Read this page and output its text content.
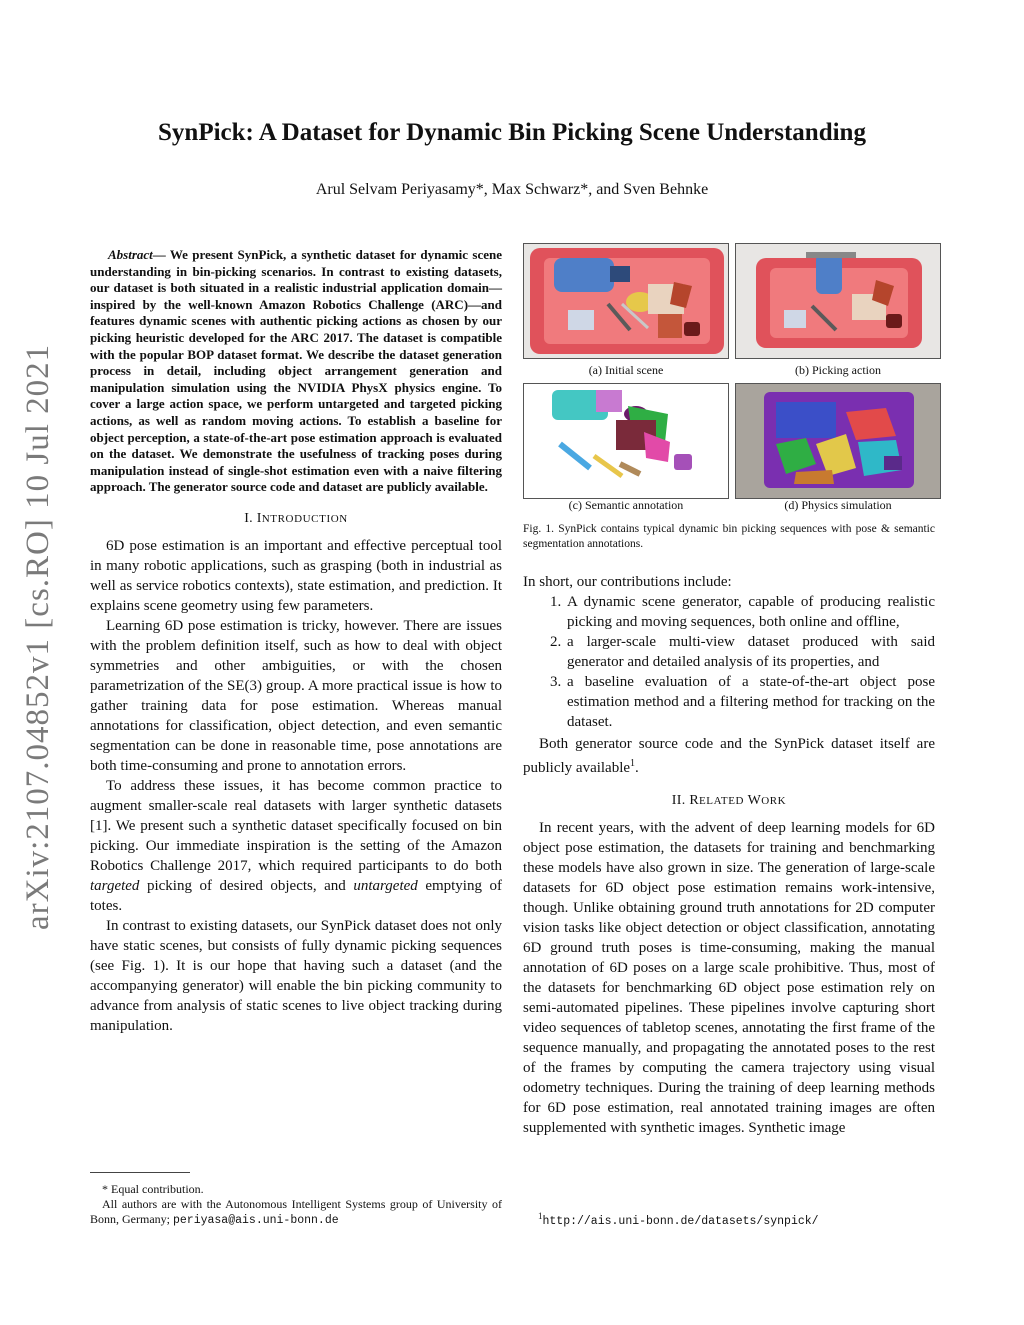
arXiv:2107.04852v1 [cs.RO] 10 Jul 2021
SynPick: A Dataset for Dynamic Bin Picking Scene Understanding
Arul Selvam Periyasamy*, Max Schwarz*, and Sven Behnke

Abstract— We present SynPick, a synthetic dataset for dynamic scene understanding in bin-picking scenarios. In contrast to existing datasets, our dataset is both situated in a realistic industrial application domain—inspired by the well-known Amazon Robotics Challenge (ARC)—and features dynamic scenes with authentic picking actions as chosen by our picking heuristic developed for the ARC 2017. The dataset is compatible with the popular BOP dataset format. We describe the dataset generation process in detail, including object arrangement generation and manipulation simulation using the NVIDIA PhysX physics engine. To cover a large action space, we perform untargeted and targeted picking actions, as well as random moving actions. To establish a baseline for object perception, a state-of-the-art pose estimation approach is evaluated on the dataset. We demonstrate the usefulness of tracking poses during manipulation instead of single-shot estimation even with a naive filtering approach. The generator source code and dataset are publicly available.

I. INTRODUCTION

6D pose estimation is an important and effective perceptual tool in many robotic applications, such as grasping (both in industrial as well as service robotics contexts), state estimation, and prediction. It explains scene geometry using few parameters.

Learning 6D pose estimation is tricky, however. There are issues with the problem definition itself, such as how to deal with object symmetries and other ambiguities, or with the chosen parametrization of the SE(3) group. A more practical issue is how to gather training data for pose estimation. Whereas manual annotations for classification, object detection, and even semantic segmentation can be done in reasonable time, pose annotations are both time-consuming and prone to annotation errors.

To address these issues, it has become common practice to augment smaller-scale real datasets with larger synthetic datasets [1]. We present such a synthetic dataset specifically focused on bin picking. Our immediate inspiration is the setting of the Amazon Robotics Challenge 2017, which required participants to do both targeted picking of desired objects, and untargeted emptying of totes.

In contrast to existing datasets, our SynPick dataset does not only have static scenes, but consists of fully dynamic picking sequences (see Fig. 1). It is our hope that having such a dataset (and the accompanying generator) will enable the bin picking community to advance from analysis of static scenes to live object tracking during manipulation.

* Equal contribution.
All authors are with the Autonomous Intelligent Systems group of University of Bonn, Germany; periyasa@ais.uni-bonn.de
(a) Initial scene	(b) Picking action
(c) Semantic annotation	(d) Physics simulation
Fig. 1. SynPick contains typical dynamic bin picking sequences with pose & semantic segmentation annotations.

In short, our contributions include:

1. A dynamic scene generator, capable of producing realistic picking and moving sequences, both online and offline,
2. a larger-scale multi-view dataset produced with said generator and detailed analysis of its properties, and
3. a baseline evaluation of a state-of-the-art object pose estimation method and a filtering method for tracking on the dataset.

Both generator source code and the SynPick dataset itself are publicly available$^1$.

II. RELATED WORK

In recent years, with the advent of deep learning models for 6D object pose estimation, the datasets for training and benchmarking these models have also grown in size. The generation of large-scale datasets for 6D object pose estimation remains work-intensive, though. Unlike obtaining ground truth annotations for 2D computer vision tasks like object detection or object classification, annotating 6D ground truth poses is time-consuming, making the manual annotation of 6D poses on a large scale prohibitive. Thus, most of the datasets for benchmarking 6D object pose estimation rely on semi-automated pipelines. These pipelines involve capturing short video sequences of tabletop scenes, annotating the first frame of the sequence manually, and propagating the annotated poses to the rest of the frames by computing the camera trajectory using visual odometry techniques. During the training of deep learning methods for 6D pose estimation, real annotated training images are often supplemented with synthetic images. Synthetic image

$^1$http://ais.uni-bonn.de/datasets/synpick/
